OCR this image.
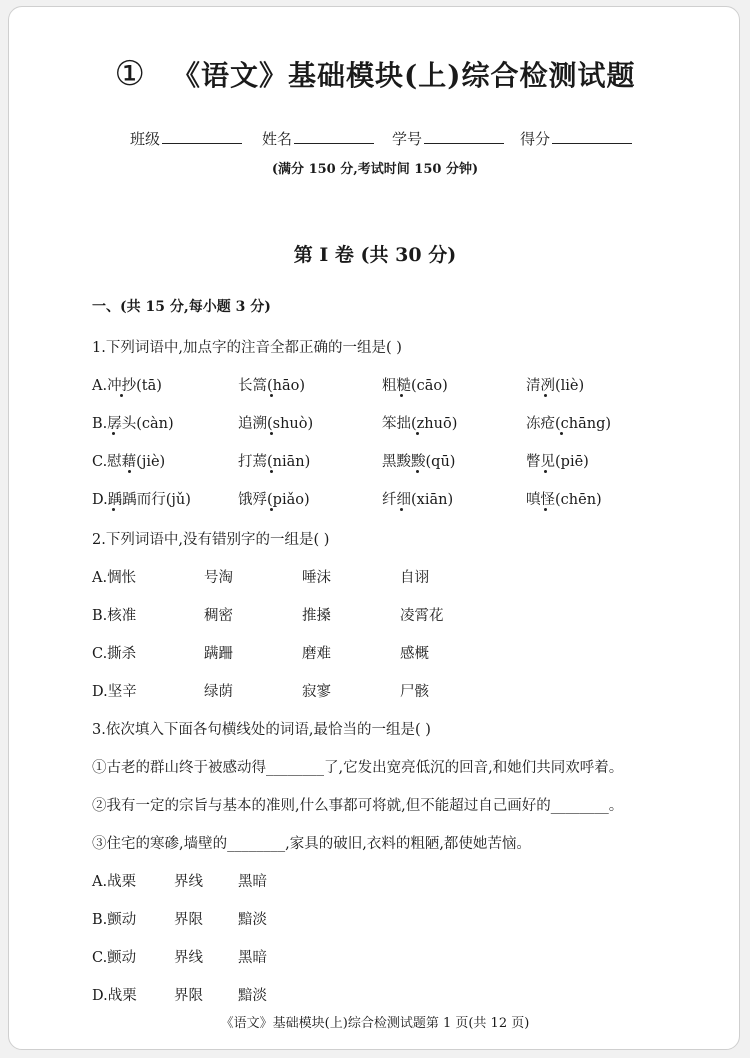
① 《语文》基础模块(上)综合检测试题
班级	姓名	学号	得分
(满分 150 分,考试时间 150 分钟)
第 I 卷 (共 30 分)
一、(共 15 分,每小题 3 分)
1.下列词语中,加点字的注音全都正确的一组是( )
A.冲抄(tā)	长篙(hāo)	粗糙(cāo)	清冽(liè)
B.孱头(càn)	追溯(shuò)	笨拙(zhuō)	冻疮(chāng)
C.慰藉(jiè)	打蔫(niān)	黑黢黢(qū)	瞥见(piē)
D.踽踽而行(jǔ)	饿殍(piǎo)	纤细(xiān)	嗔怪(chēn)
2.下列词语中,没有错别字的一组是( )
A.惆怅	号淘	唾沫	自诩
B.核准	稠密	推搡	凌霄花
C.撕杀	蹒跚	磨难	感概
D.坚辛	绿荫	寂寥	尸骸
3.依次填入下面各句横线处的词语,最恰当的一组是( )
①古老的群山终于被感动得________了,它发出宽亮低沉的回音,和她们共同欢呼着。
②我有一定的宗旨与基本的准则,什么事都可将就,但不能超过自己画好的________。
③住宅的寒碜,墙壁的________,家具的破旧,衣料的粗陋,都使她苦恼。
A.战栗	界线 黑暗
B.颤动	界限 黯淡
C.颤动	界线 黑暗
D.战栗	界限 黯淡
《语文》基础模块(上)综合检测试题第 1 页(共 12 页)
